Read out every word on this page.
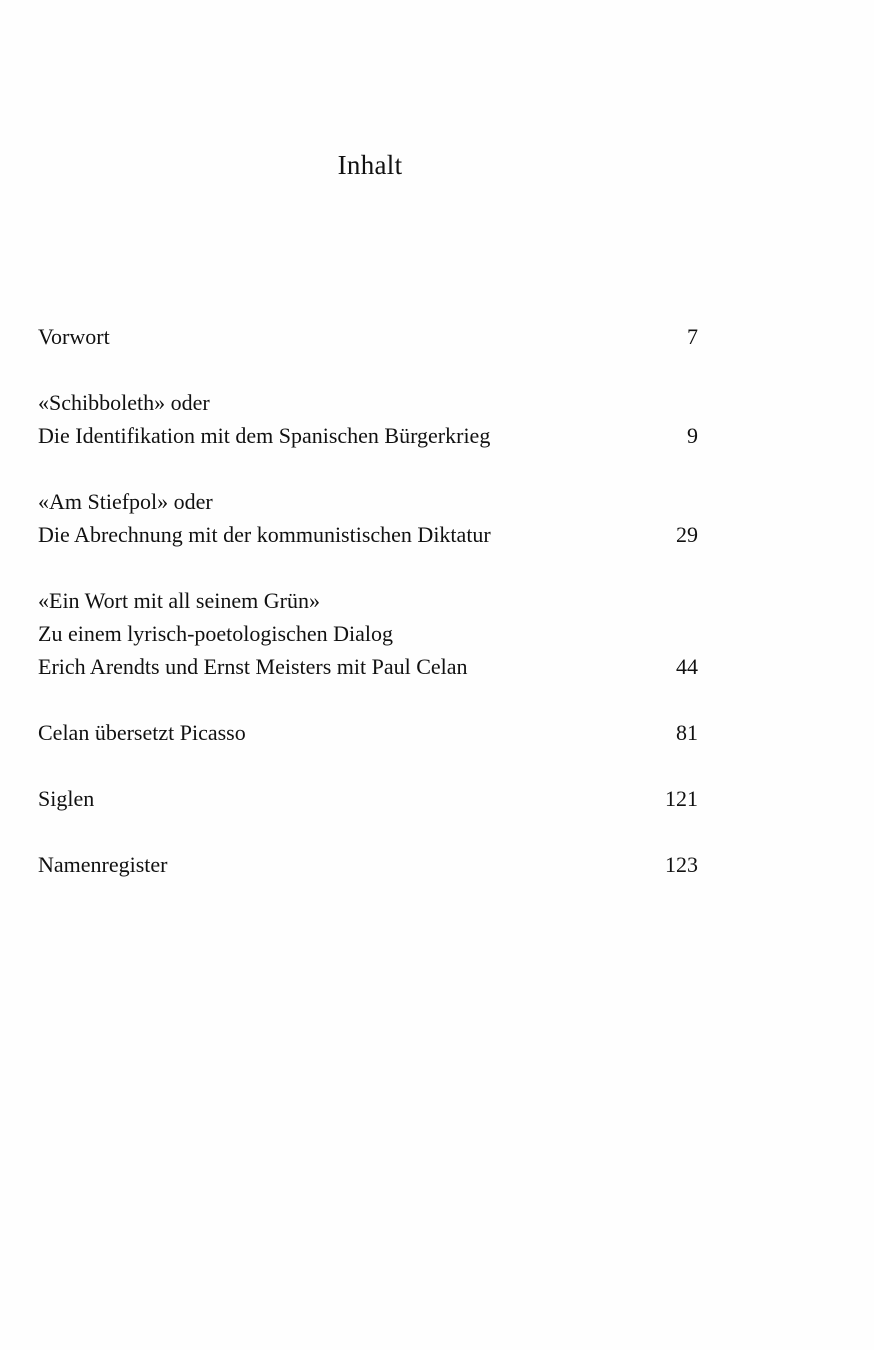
Inhalt
Vorwort	7
«Schibboleth» oder
Die Identifikation mit dem Spanischen Bürgerkrieg	9
«Am Stiefpol» oder
Die Abrechnung mit der kommunistischen Diktatur	29
«Ein Wort mit all seinem Grün»
Zu einem lyrisch-poetologischen Dialog
Erich Arendts und Ernst Meisters mit Paul Celan	44
Celan übersetzt Picasso	81
Siglen	121
Namenregister	123
